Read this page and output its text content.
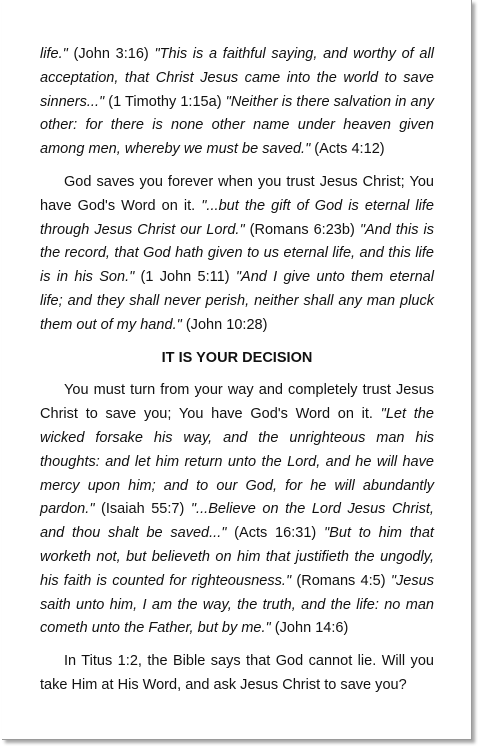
life." (John 3:16) "This is a faithful saying, and worthy of all acceptation, that Christ Jesus came into the world to save sinners..." (1 Timothy 1:15a) "Neither is there salvation in any other: for there is none other name under heaven given among men, whereby we must be saved." (Acts 4:12)

God saves you forever when you trust Jesus Christ; You have God's Word on it. "...but the gift of God is eternal life through Jesus Christ our Lord." (Romans 6:23b) "And this is the record, that God hath given to us eternal life, and this life is in his Son." (1 John 5:11) "And I give unto them eternal life; and they shall never perish, neither shall any man pluck them out of my hand." (John 10:28)

IT IS YOUR DECISION

You must turn from your way and completely trust Jesus Christ to save you; You have God's Word on it. "Let the wicked forsake his way, and the unrighteous man his thoughts: and let him return unto the Lord, and he will have mercy upon him; and to our God, for he will abundantly pardon." (Isaiah 55:7) "...Believe on the Lord Jesus Christ, and thou shalt be saved..." (Acts 16:31) "But to him that worketh not, but believeth on him that justifieth the ungodly, his faith is counted for righteousness." (Romans 4:5) "Jesus saith unto him, I am the way, the truth, and the life: no man cometh unto the Father, but by me." (John 14:6)

In Titus 1:2, the Bible says that God cannot lie. Will you take Him at His Word, and ask Jesus Christ to save you?
